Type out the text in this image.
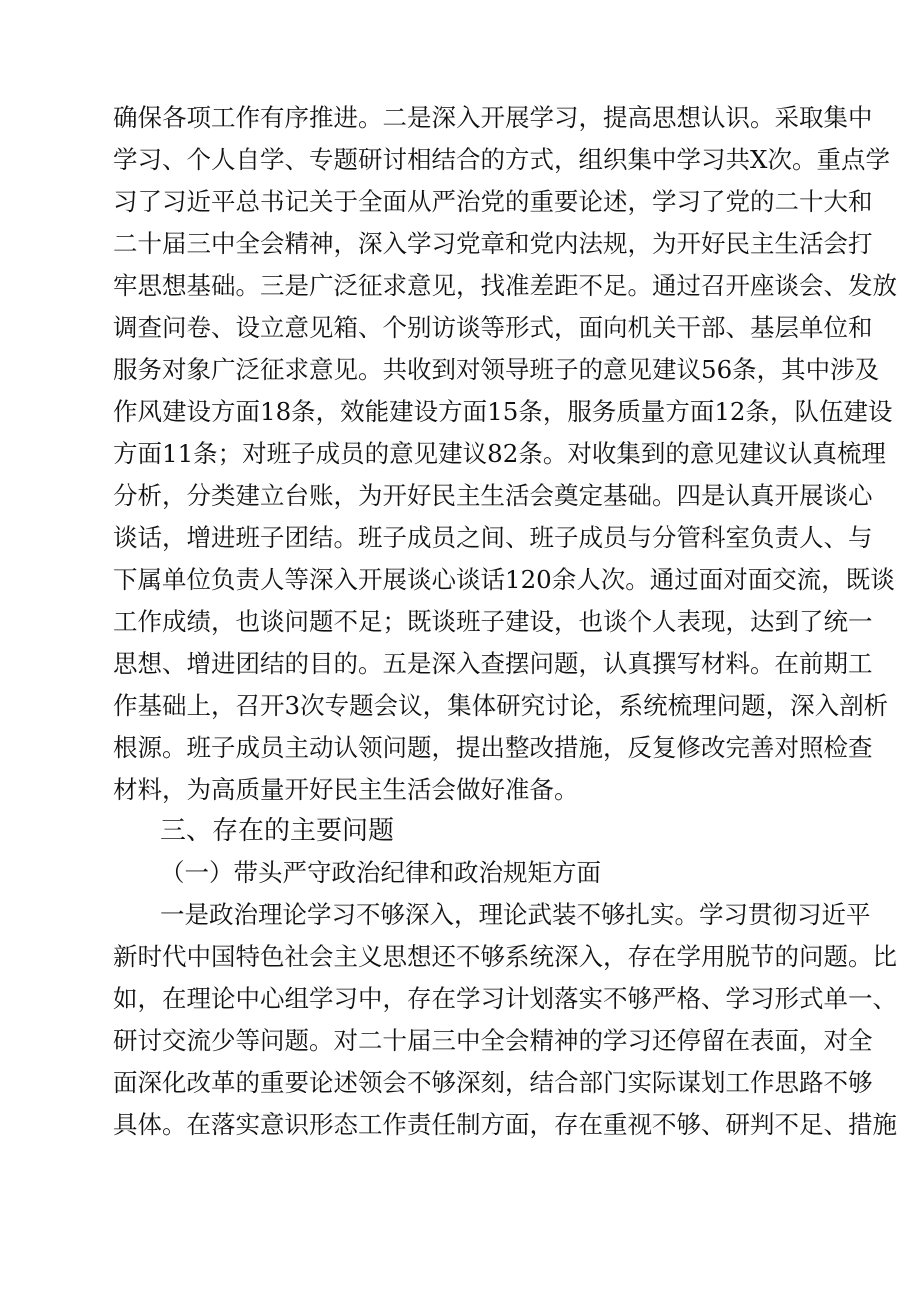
确保各项工作有序推进。二是深入开展学习，提高思想认识。采取集中
学习、个人自学、专题研讨相结合的方式，组织集中学习共X次。重点学
习了习近平总书记关于全面从严治党的重要论述，学习了党的二十大和
二十届三中全会精神，深入学习党章和党内法规，为开好民主生活会打
牢思想基础。三是广泛征求意见，找准差距不足。通过召开座谈会、发放
调查问卷、设立意见箱、个别访谈等形式，面向机关干部、基层单位和
服务对象广泛征求意见。共收到对领导班子的意见建议56条，其中涉及
作风建设方面18条，效能建设方面15条，服务质量方面12条，队伍建设
方面11条；对班子成员的意见建议82条。对收集到的意见建议认真梳理
分析，分类建立台账，为开好民主生活会奠定基础。四是认真开展谈心
谈话，增进班子团结。班子成员之间、班子成员与分管科室负责人、与
下属单位负责人等深入开展谈心谈话120余人次。通过面对面交流，既谈
工作成绩，也谈问题不足；既谈班子建设，也谈个人表现，达到了统一
思想、增进团结的目的。五是深入查摆问题，认真撰写材料。在前期工
作基础上，召开3次专题会议，集体研究讨论，系统梳理问题，深入剖析
根源。班子成员主动认领问题，提出整改措施，反复修改完善对照检查
材料，为高质量开好民主生活会做好准备。
三、存在的主要问题
（一）带头严守政治纪律和政治规矩方面
一是政治理论学习不够深入，理论武装不够扎实。学习贯彻习近平
新时代中国特色社会主义思想还不够系统深入，存在学用脱节的问题。比
如，在理论中心组学习中，存在学习计划落实不够严格、学习形式单一、
研讨交流少等问题。对二十届三中全会精神的学习还停留在表面，对全
面深化改革的重要论述领会不够深刻，结合部门实际谋划工作思路不够
具体。在落实意识形态工作责任制方面，存在重视不够、研判不足、措施
